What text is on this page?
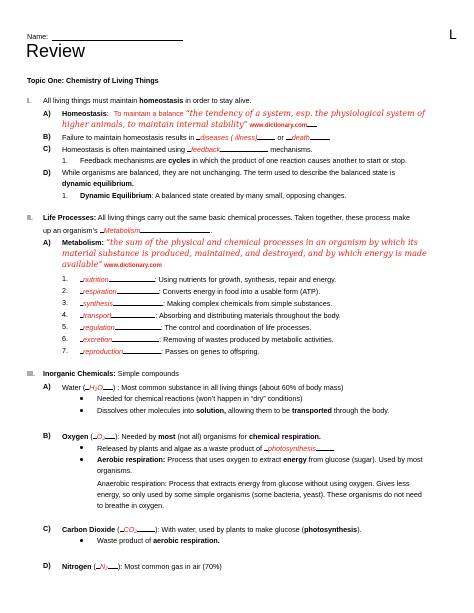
Name:
Review
L
Topic One: Chemistry of Living Things
I. All living things must maintain homeostasis in order to stay alive.
A) Homeostasis: To maintain a balance “the tendency of a system, esp. the physiological system of
higher animals, to maintain internal stability” www.dictionary.com
B) Failure to maintain homeostasis results in diseases ( illness)	or death
C) Homeostasis is often maintained using feedback	mechanisms.
1. Feedback mechanisms are cycles in which the product of one reaction causes another to start or stop.
D) While organisms are balanced, they are not unchanging. The term used to describe the balanced state is
dynamic equilibrium.
1. Dynamic Equilibrium: A balanced state created by many small, opposing changes.
II. Life Processes: All living things carry out the same basic chemical processes. Taken together, these process make
up an organism’s Metabolism	.
A) Metabolism: “the sum of the physical and chemical processes in an organism by which its
material substance is produced, maintained, and destroyed, and by which energy is made
available” www.dictionary.com
1.	nutrition	: Using nutrients for growth, synthesis, repair and energy.
2.	respiration	: Converts energy in food into a usable form (ATP).
3.	synthesis	: Making complex chemicals from simple substances.
4.	transport	: Absorbing and distributing materials throughout the body.
5.	regulation	: The control and coordination of life processes.
6.	excretion	: Removing of wastes produced by metabolic activities.
7.	reproduction	: Passes on genes to offspring.
III. Inorganic Chemicals: Simple compounds
A) Water ( H₂O ) : Most common substance in all living things (about 60% of body mass)
Needed for chemical reactions (won’t happen in “dry” conditions)
Dissolves other molecules into solution, allowing them to be transported through the body.
B) Oxygen ( O₂ ): Needed by most (not all) organisms for chemical respiration.
Released by plants and algae as a waste product of photosynthesis
Aerobic respiration: Process that uses oxygen to extract energy from glucose (sugar). Used by most
organisms.
Anaerobic respiration: Process that extracts energy from glucose without using oxygen. Gives less
energy, so only used by some simple organisms (some bacteria, yeast). These organisms do not need
to breathe in oxygen.
C) Carbon Dioxide ( CO₂	): With water, used by plants to make glucose (photosynthesis).
Waste product of aerobic respiration.
D) Nitrogen ( N₂ ): Most common gas in air (70%)
